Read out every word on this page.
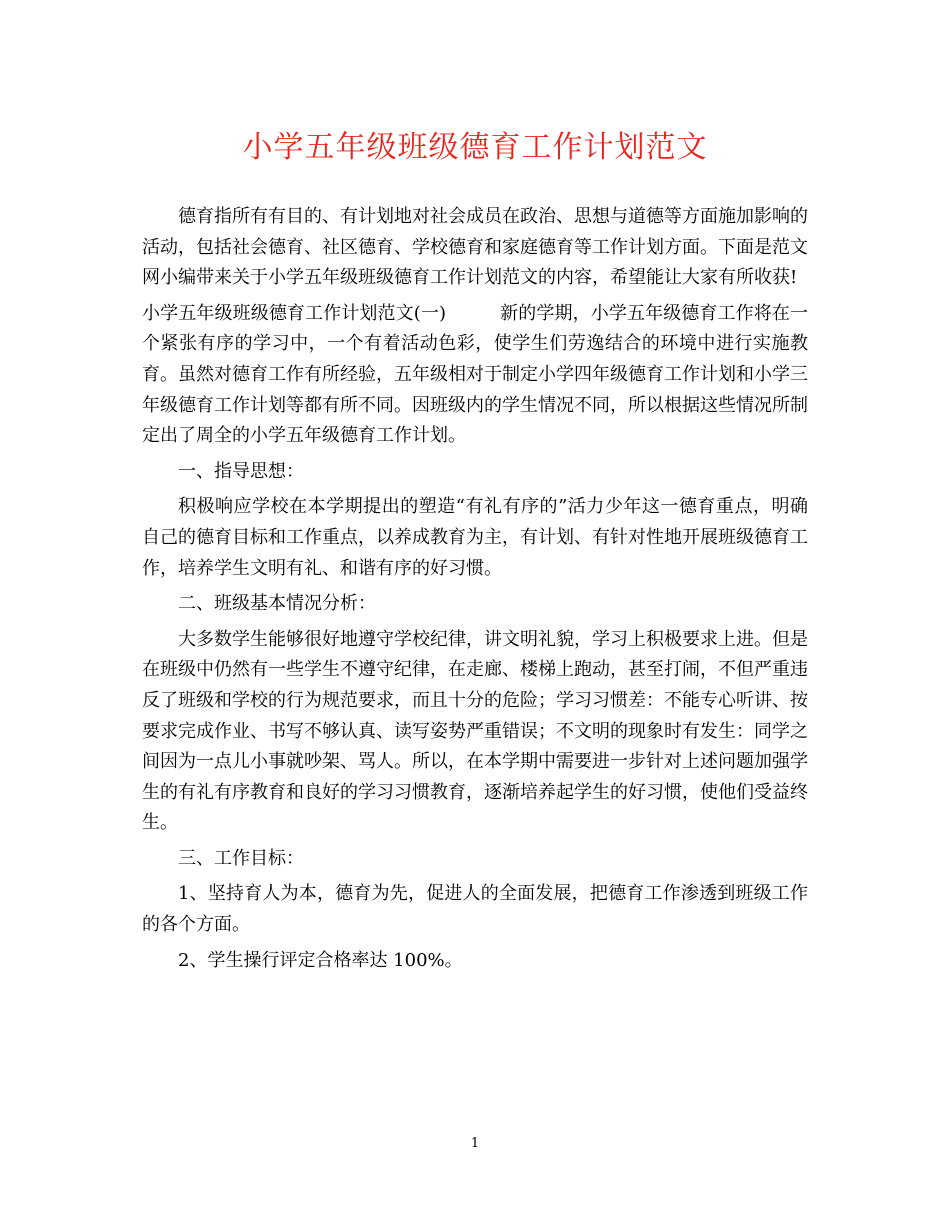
小学五年级班级德育工作计划范文

德育指所有有目的、有计划地对社会成员在政治、思想与道德等方面施加影响的活动，包括社会德育、社区德育、学校德育和家庭德育等工作计划方面。下面是范文网小编带来关于小学五年级班级德育工作计划范文的内容，希望能让大家有所收获!

小学五年级班级德育工作计划范文(一)	新的学期，小学五年级德育工作将在一个紧张有序的学习中，一个有着活动色彩，使学生们劳逸结合的环境中进行实施教育。虽然对德育工作有所经验，五年级相对于制定小学四年级德育工作计划和小学三年级德育工作计划等都有所不同。因班级内的学生情况不同，所以根据这些情况所制定出了周全的小学五年级德育工作计划。

一、指导思想：

积极响应学校在本学期提出的塑造“有礼有序的”活力少年这一德育重点，明确自己的德育目标和工作重点，以养成教育为主，有计划、有针对性地开展班级德育工作，培养学生文明有礼、和谐有序的好习惯。

二、班级基本情况分析：

大多数学生能够很好地遵守学校纪律，讲文明礼貌，学习上积极要求上进。但是在班级中仍然有一些学生不遵守纪律，在走廊、楼梯上跑动，甚至打闹，不但严重违反了班级和学校的行为规范要求，而且十分的危险；学习习惯差：不能专心听讲、按要求完成作业、书写不够认真、读写姿势严重错误；不文明的现象时有发生：同学之间因为一点儿小事就吵架、骂人。所以，在本学期中需要进一步针对上述问题加强学生的有礼有序教育和良好的学习习惯教育，逐渐培养起学生的好习惯，使他们受益终生。

三、工作目标：

1、坚持育人为本，德育为先，促进人的全面发展，把德育工作渗透到班级工作的各个方面。

2、学生操行评定合格率达 100%。

1
